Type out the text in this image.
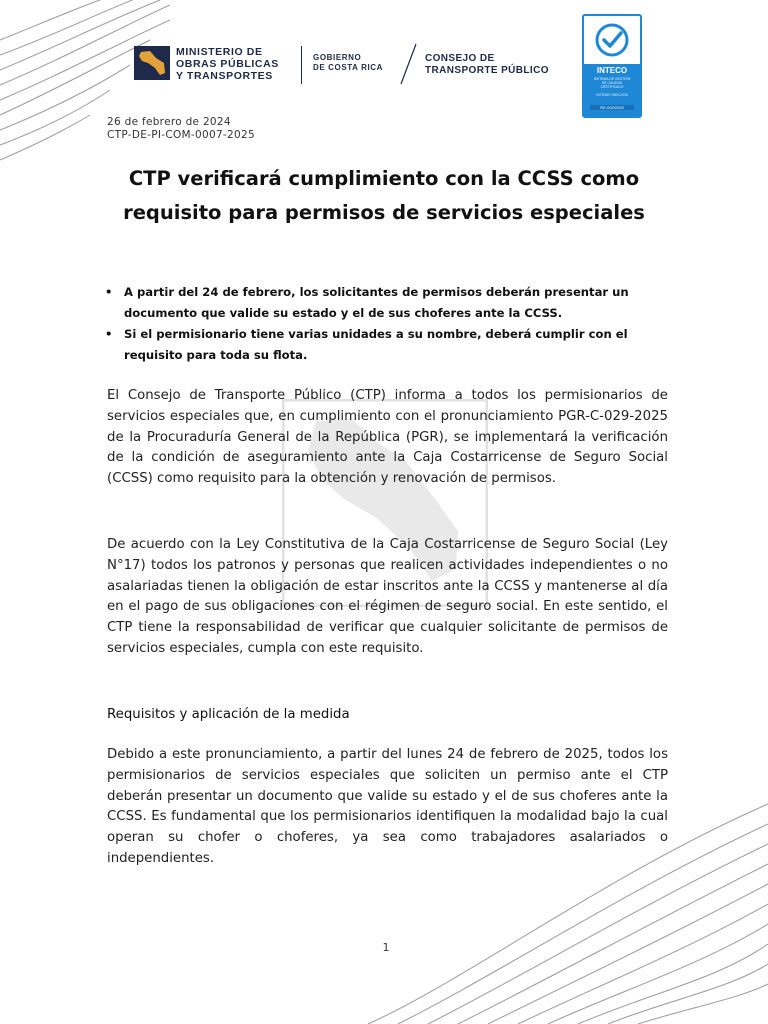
MINISTERIO DE
OBRAS PÚBLICAS
Y TRANSPORTES
GOBIERNO
DE COSTA RICA
CONSEJO DE
TRANSPORTE PÚBLICO	INTECO
SISTEMA DE GESTIÓN
DE CALIDAD
CERTIFICADO
INTE/ISO 9001:2015
RE-002/2023
26 de febrero de 2024
CTP-DE-PI-COM-0007-2025
CTP verificará cumplimiento con la CCSS como
requisito para permisos de servicios especiales
• A partir del 24 de febrero, los solicitantes de permisos deberán presentar un documento que valide su estado y el de sus choferes ante la CCSS.
• Si el permisionario tiene varias unidades a su nombre, deberá cumplir con el requisito para toda su flota.

El Consejo de Transporte Público (CTP) informa a todos los permisionarios de servicios especiales que, en cumplimiento con el pronunciamiento PGR-C-029-2025 de la Procuraduría General de la República (PGR), se implementará la verificación de la condición de aseguramiento ante la Caja Costarricense de Seguro Social (CCSS) como requisito para la obtención y renovación de permisos.

De acuerdo con la Ley Constitutiva de la Caja Costarricense de Seguro Social (Ley N°17) todos los patronos y personas que realicen actividades independientes o no asalariadas tienen la obligación de estar inscritos ante la CCSS y mantenerse al día en el pago de sus obligaciones con el régimen de seguro social. En este sentido, el CTP tiene la responsabilidad de verificar que cualquier solicitante de permisos de servicios especiales, cumpla con este requisito.

Requisitos y aplicación de la medida

Debido a este pronunciamiento, a partir del lunes 24 de febrero de 2025, todos los permisionarios de servicios especiales que soliciten un permiso ante el CTP deberán presentar un documento que valide su estado y el de sus choferes ante la CCSS. Es fundamental que los permisionarios identifiquen la modalidad bajo la cual operan su chofer o choferes, ya sea como trabajadores asalariados o independientes.

1
